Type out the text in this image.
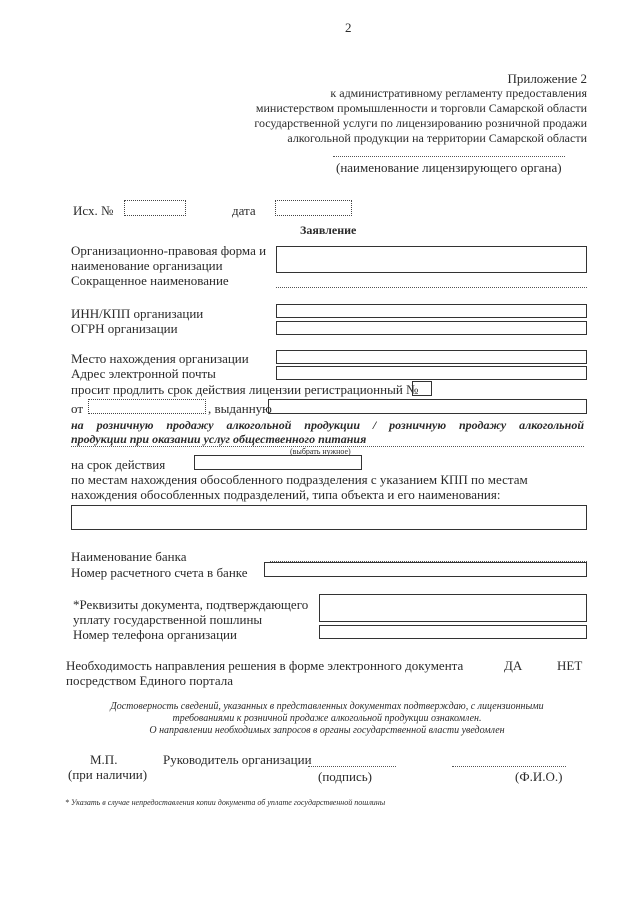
2
Приложение 2
к административному регламенту предоставления
министерством промышленности и торговли Самарской области
государственной услуги по лицензированию розничной продажи
алкогольной продукции на территории Самарской области
(наименование лицензирующего органа)
Исх. №	дата
Заявление
Организационно-правовая форма и
наименование организации
Сокращенное наименование
ИНН/КПП организации
ОГРН организации
Место нахождения организации
Адрес электронной почты
просит продлить срок действия лицензии регистрационный №
от	, выданную
на розничную продажу алкогольной продукции / розничную продажу алкогольной
продукции при оказании услуг общественного питания
(выбрать нужное)
на срок действия
по местам нахождения обособленного подразделения с указанием КПП по местам
нахождения обособленных подразделений, типа объекта и его наименования:
Наименование банка
Номер расчетного счета в банке
*Реквизиты документа, подтверждающего
уплату государственной пошлины
Номер телефона организации
Необходимость направления решения в форме электронного документа
посредством Единого портала
ДА	НЕТ
Достоверность сведений, указанных в представленных документах подтверждаю, с лицензионными
требованиями к розничной продаже алкогольной продукции ознакомлен.
О направлении необходимых запросов в органы государственной власти уведомлен
М.П.
(при наличии)
Руководитель организации
(подпись)	(Ф.И.О.)
* Указать в случае непредоставления копии документа об уплате государственной пошлины
